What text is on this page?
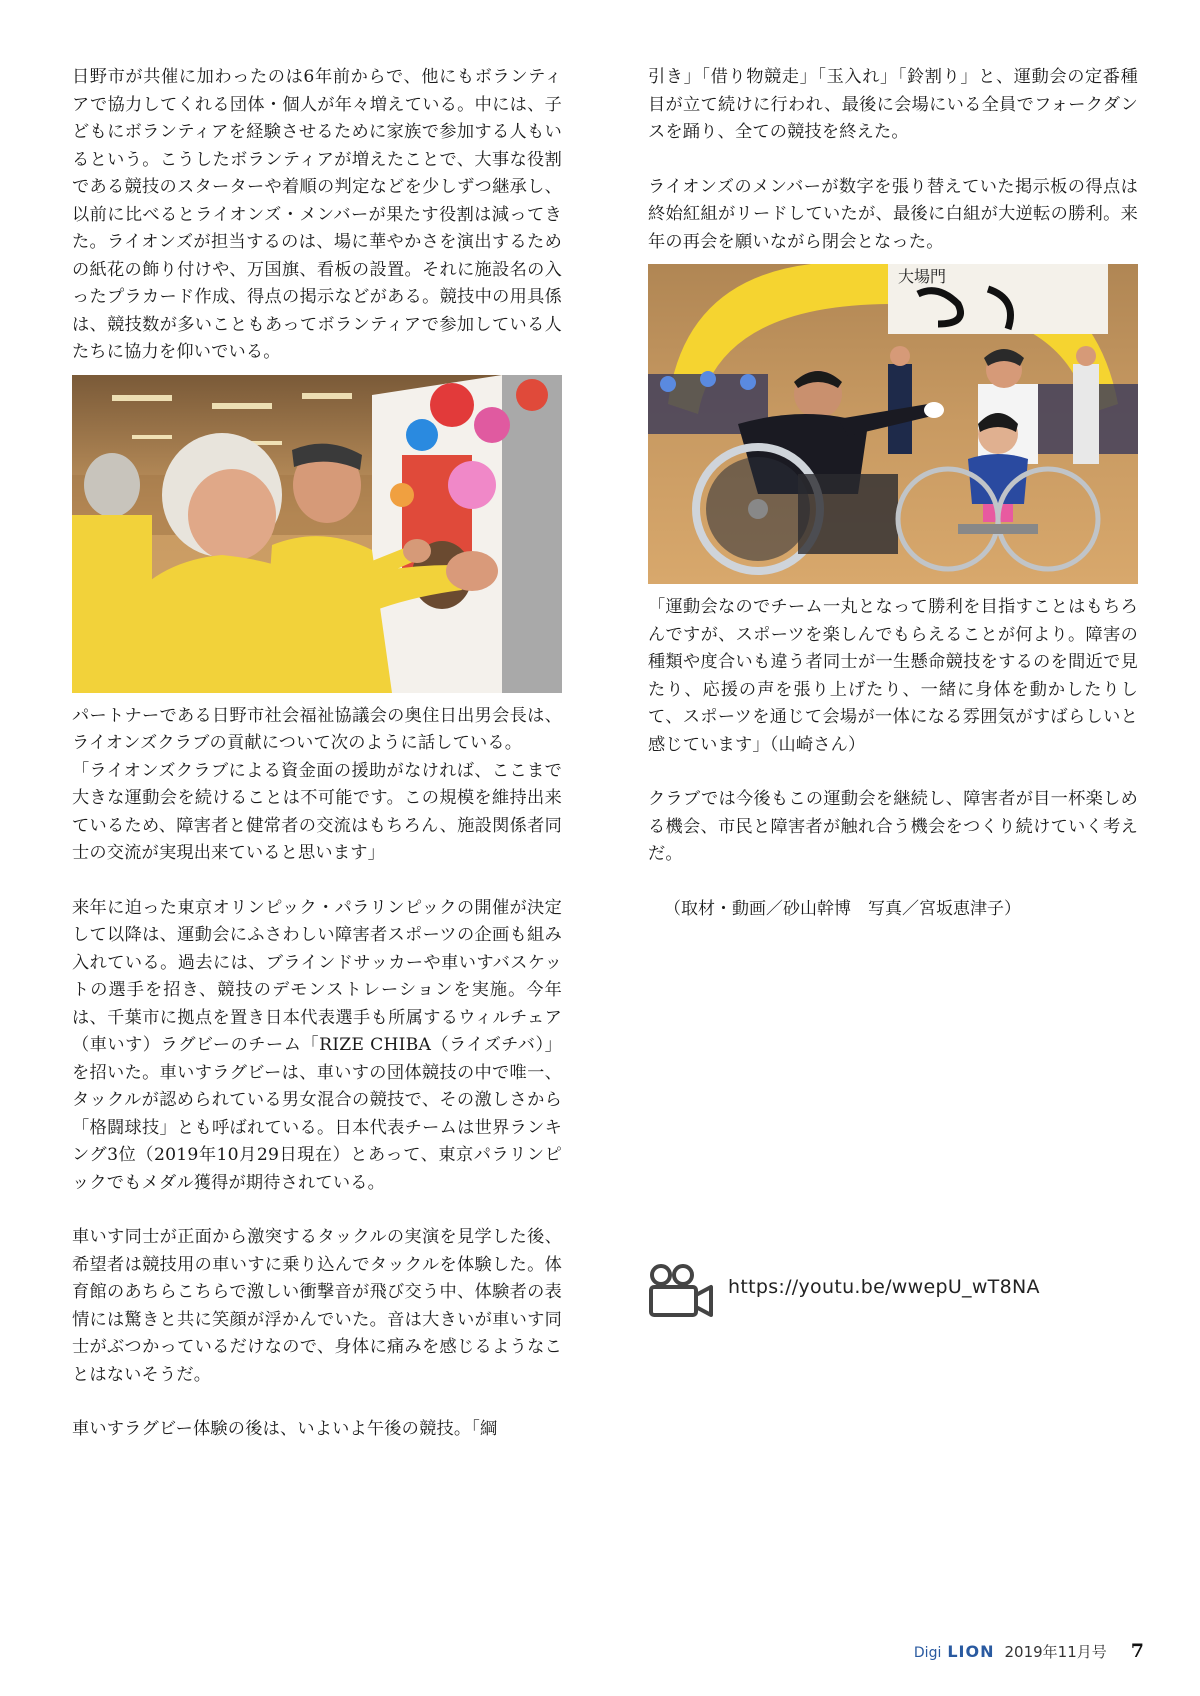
日野市が共催に加わったのは6年前からで、他にもボランティアで協力してくれる団体・個人が年々増えている。中には、子どもにボランティアを経験させるために家族で参加する人もいるという。こうしたボランティアが増えたことで、大事な役割である競技のスターターや着順の判定などを少しずつ継承し、以前に比べるとライオンズ・メンバーが果たす役割は減ってきた。ライオンズが担当するのは、場に華やかさを演出するための紙花の飾り付けや、万国旗、看板の設置。それに施設名の入ったプラカード作成、得点の掲示などがある。競技中の用具係は、競技数が多いこともあってボランティアで参加している人たちに協力を仰いでいる。

パートナーである日野市社会福祉協議会の奥住日出男会長は、ライオンズクラブの貢献について次のように話している。
「ライオンズクラブによる資金面の援助がなければ、ここまで大きな運動会を続けることは不可能です。この規模を維持出来ているため、障害者と健常者の交流はもちろん、施設関係者同士の交流が実現出来ていると思います」

来年に迫った東京オリンピック・パラリンピックの開催が決定して以降は、運動会にふさわしい障害者スポーツの企画も組み入れている。過去には、ブラインドサッカーや車いすバスケットの選手を招き、競技のデモンストレーションを実施。今年は、千葉市に拠点を置き日本代表選手も所属するウィルチェア（車いす）ラグビーのチーム「RIZE CHIBA（ライズチバ）」を招いた。車いすラグビーは、車いすの団体競技の中で唯一、タックルが認められている男女混合の競技で、その激しさから「格闘球技」とも呼ばれている。日本代表チームは世界ランキング3位（2019年10月29日現在）とあって、東京パラリンピックでもメダル獲得が期待されている。

車いす同士が正面から激突するタックルの実演を見学した後、希望者は競技用の車いすに乗り込んでタックルを体験した。体育館のあちらこちらで激しい衝撃音が飛び交う中、体験者の表情には驚きと共に笑顔が浮かんでいた。音は大きいが車いす同士がぶつかっているだけなので、身体に痛みを感じるようなことはないそうだ。

車いすラグビー体験の後は、いよいよ午後の競技。「綱

引き」「借り物競走」「玉入れ」「鈴割り」と、運動会の定番種目が立て続けに行われ、最後に会場にいる全員でフォークダンスを踊り、全ての競技を終えた。

ライオンズのメンバーが数字を張り替えていた掲示板の得点は終始紅組がリードしていたが、最後に白組が大逆転の勝利。来年の再会を願いながら閉会となった。

大場門

「運動会なのでチーム一丸となって勝利を目指すことはもちろんですが、スポーツを楽しんでもらえることが何より。障害の種類や度合いも違う者同士が一生懸命競技をするのを間近で見たり、応援の声を張り上げたり、一緒に身体を動かしたりして、スポーツを通じて会場が一体になる雰囲気がすばらしいと感じています」（山崎さん）

クラブでは今後もこの運動会を継続し、障害者が目一杯楽しめる機会、市民と障害者が触れ合う機会をつくり続けていく考えだ。

（取材・動画／砂山幹博　写真／宮坂恵津子）

https://youtu.be/wwepU_wT8NA
Digi LION 2019年11月号 7
